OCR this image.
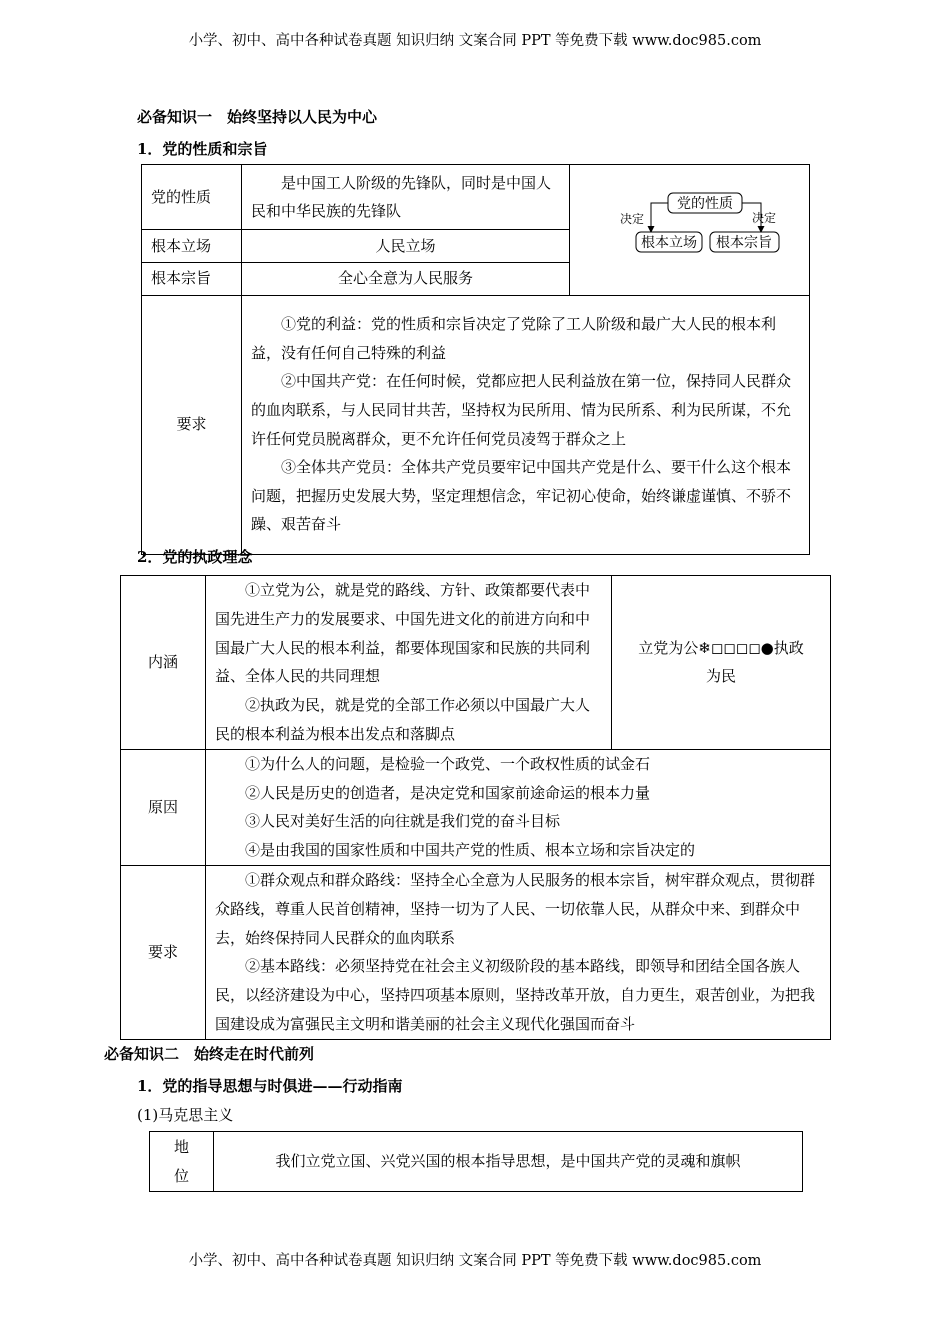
小学、初中、高中各种试卷真题 知识归纳 文案合同 PPT 等免费下载 www.doc985.com
必备知识一　始终坚持以人民为中心
1．党的性质和宗旨
党的性质	是中国工人阶级的先锋队，同时是中国人民和中华民族的先锋队	党的性质
决定 决定
根本立场 根本宗旨

根本立场	人民立场	
根本宗旨	全心全意为人民服务	
要求	①党的利益：党的性质和宗旨决定了党除了工人阶级和最广大人民的根本利益，没有任何自己特殊的利益
②中国共产党：在任何时候，党都应把人民利益放在第一位，保持同人民群众的血肉联系，与人民同甘共苦，坚持权为民所用、情为民所系、利为民所谋，不允许任何党员脱离群众，更不允许任何党员凌驾于群众之上
③全体共产党员：全体共产党员要牢记中国共产党是什么、要干什么这个根本问题，把握历史发展大势，坚定理想信念，牢记初心使命，始终谦虚谨慎、不骄不躁、艰苦奋斗	
2．党的执政理念
内涵	①立党为公，就是党的路线、方针、政策都要代表中国先进生产力的发展要求、中国先进文化的前进方向和中国最广大人民的根本利益，都要体现国家和民族的共同利益、全体人民的共同理想
②执政为民，就是党的全部工作必须以中国最广大人民的根本利益为根本出发点和落脚点	立党为公❄◻◻◻◻●执政为民
原因	①为什么人的问题，是检验一个政党、一个政权性质的试金石
②人民是历史的创造者，是决定党和国家前途命运的根本力量
③人民对美好生活的向往就是我们党的奋斗目标
④是由我国的国家性质和中国共产党的性质、根本立场和宗旨决定的	

要求	①群众观点和群众路线：坚持全心全意为人民服务的根本宗旨，树牢群众观点，贯彻群众路线，尊重人民首创精神，坚持一切为了人民、一切依靠人民，从群众中来、到群众中去，始终保持同人民群众的血肉联系
②基本路线：必须坚持党在社会主义初级阶段的基本路线，即领导和团结全国各族人民，以经济建设为中心，坚持四项基本原则，坚持改革开放，自力更生，艰苦创业，为把我国建设成为富强民主文明和谐美丽的社会主义现代化强国而奋斗	
必备知识二　始终走在时代前列
1．党的指导思想与时俱进——行动指南
(1)马克思主义
地位	我们立党立国、兴党兴国的根本指导思想，是中国共产党的灵魂和旗帜
小学、初中、高中各种试卷真题 知识归纳 文案合同 PPT 等免费下载 www.doc985.com
